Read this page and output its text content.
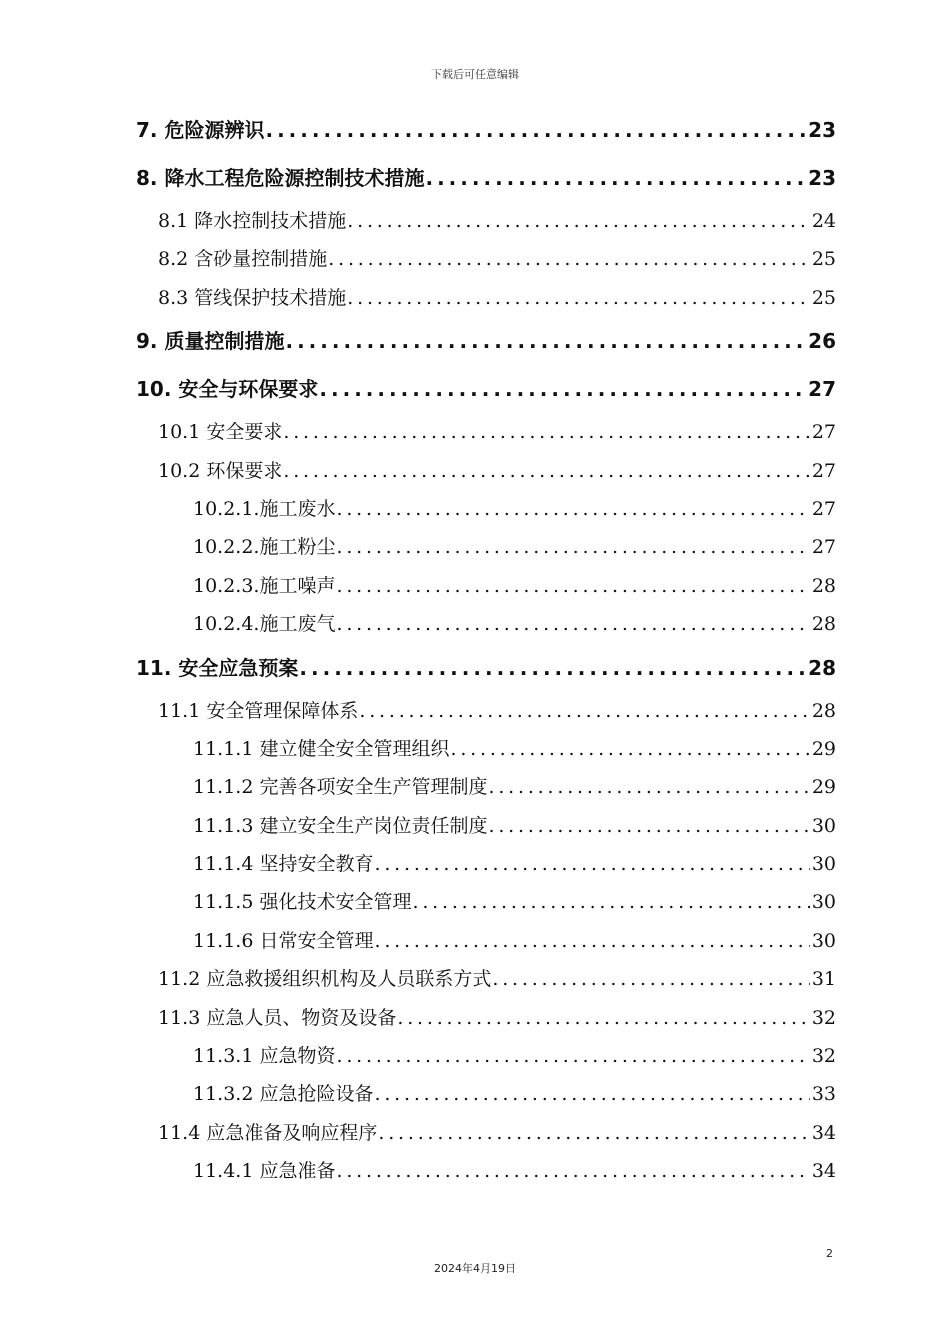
下载后可任意编辑
7. 危险源辨识 .....	23
8. 降水工程危险源控制技术措施 .....	23
8.1 降水控制技术措施 .....	24
8.2 含砂量控制措施 .....	25
8.3 管线保护技术措施 .....	25
9. 质量控制措施 .....	26
10. 安全与环保要求 .....	27
10.1 安全要求 .....	27
10.2 环保要求 .....	27
10.2.1.施工废水 .....	27
10.2.2.施工粉尘 .....	27
10.2.3.施工噪声 .....	28
10.2.4.施工废气 .....	28
11. 安全应急预案 .....	28
11.1 安全管理保障体系 .....	28
11.1.1 建立健全安全管理组织 .....	29
11.1.2 完善各项安全生产管理制度 .....	29
11.1.3 建立安全生产岗位责任制度 .....	30
11.1.4 坚持安全教育 .....	30
11.1.5 强化技术安全管理 .....	30
11.1.6 日常安全管理 .....	30
11.2 应急救援组织机构及人员联系方式 .....	31
11.3 应急人员、物资及设备 .....	32
11.3.1 应急物资 .....	32
11.3.2 应急抢险设备 .....	33
11.4 应急准备及响应程序 .....	34
11.4.1 应急准备 .....	34
2
2024年4月19日
